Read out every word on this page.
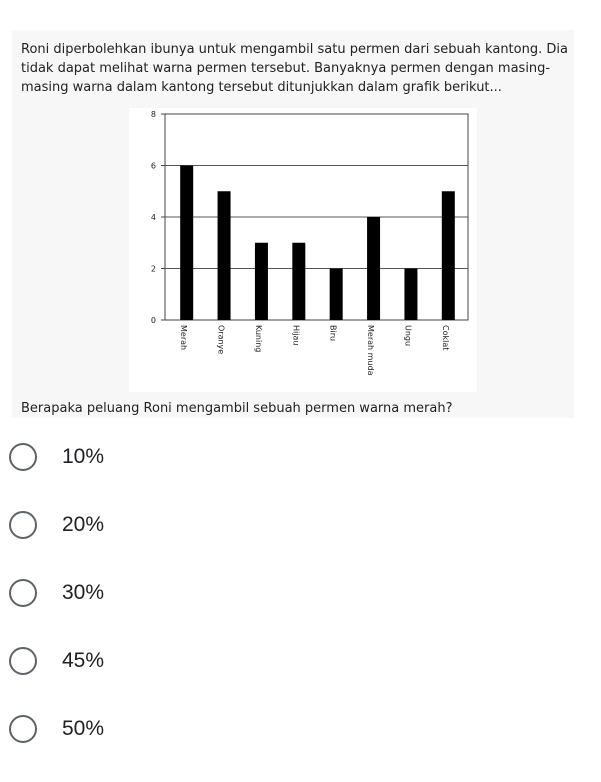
Roni diperbolehkan ibunya untuk mengambil satu permen dari sebuah kantong. Dia tidak dapat melihat warna permen tersebut. Banyaknya permen dengan masing-masing warna dalam kantong tersebut ditunjukkan dalam grafik berikut...
0
2
4
6
8
Merah	Oranye	Kuning	Hijau	Biru	Merah muda	Ungu	Coklat
Berapaka peluang Roni mengambil sebuah permen warna merah?
10%
20%
30%
45%
50%
